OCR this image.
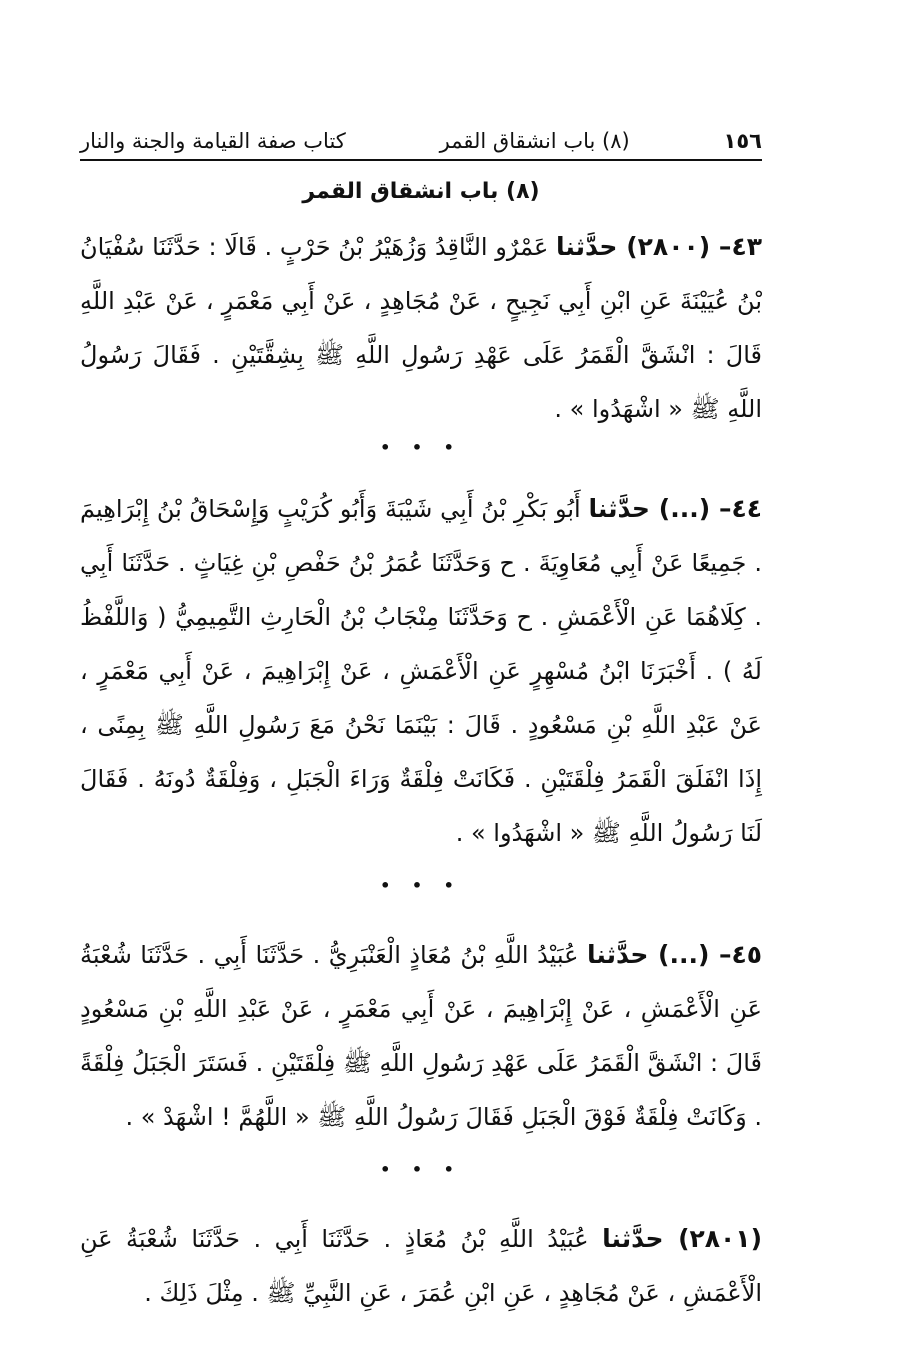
١٥٦
(٨) باب انشقاق القمر
كتاب صفة القيامة والجنة والنار
(٨) باب انشقاق القمر

٤٣– (٢٨٠٠) حدَّثنا عَمْرٌو النَّاقِدُ وَزُهَيْرُ بْنُ حَرْبٍ . قَالَا : حَدَّثَنَا سُفْيَانُ بْنُ عُيَيْنَةَ عَنِ ابْنِ أَبِي نَجِيحٍ ، عَنْ مُجَاهِدٍ ، عَنْ أَبِي مَعْمَرٍ ، عَنْ عَبْدِ اللَّهِ قَالَ : انْشَقَّ الْقَمَرُ عَلَى عَهْدِ رَسُولِ اللَّهِ ﷺ بِشِقَّتَيْنِ . فَقَالَ رَسُولُ اللَّهِ ﷺ « اشْهَدُوا » .

• • •

٤٤– (...) حدَّثنا أَبُو بَكْرِ بْنُ أَبِي شَيْبَةَ وَأَبُو كُرَيْبٍ وَإِسْحَاقُ بْنُ إِبْرَاهِيمَ . جَمِيعًا عَنْ أَبِي مُعَاوِيَةَ . ح وَحَدَّثَنَا عُمَرُ بْنُ حَفْصِ بْنِ غِيَاثٍ . حَدَّثَنَا أَبِي . كِلَاهُمَا عَنِ الْأَعْمَشِ . ح وَحَدَّثَنَا مِنْجَابُ بْنُ الْحَارِثِ التَّمِيمِيُّ ( وَاللَّفْظُ لَهُ ) . أَخْبَرَنَا ابْنُ مُسْهِرٍ عَنِ الْأَعْمَشِ ، عَنْ إِبْرَاهِيمَ ، عَنْ أَبِي مَعْمَرٍ ، عَنْ عَبْدِ اللَّهِ بْنِ مَسْعُودٍ . قَالَ : بَيْنَمَا نَحْنُ مَعَ رَسُولِ اللَّهِ ﷺ بِمِنًى ، إِذَا انْفَلَقَ الْقَمَرُ فِلْقَتَيْنِ . فَكَانَتْ فِلْقَةٌ وَرَاءَ الْجَبَلِ ، وَفِلْقَةٌ دُونَهُ . فَقَالَ لَنَا رَسُولُ اللَّهِ ﷺ « اشْهَدُوا » .

• • •

٤٥– (...) حدَّثنا عُبَيْدُ اللَّهِ بْنُ مُعَاذٍ الْعَنْبَرِيُّ . حَدَّثَنَا أَبِي . حَدَّثَنَا شُعْبَةُ عَنِ الْأَعْمَشِ ، عَنْ إِبْرَاهِيمَ ، عَنْ أَبِي مَعْمَرٍ ، عَنْ عَبْدِ اللَّهِ بْنِ مَسْعُودٍ قَالَ : انْشَقَّ الْقَمَرُ عَلَى عَهْدِ رَسُولِ اللَّهِ ﷺ فِلْقَتَيْنِ . فَسَتَرَ الْجَبَلُ فِلْقَةً . وَكَانَتْ فِلْقَةٌ فَوْقَ الْجَبَلِ فَقَالَ رَسُولُ اللَّهِ ﷺ « اللَّهُمَّ ! اشْهَدْ » .

• • •

(٢٨٠١) حدَّثنا عُبَيْدُ اللَّهِ بْنُ مُعَاذٍ . حَدَّثَنَا أَبِي . حَدَّثَنَا شُعْبَةُ عَنِ الْأَعْمَشِ ، عَنْ مُجَاهِدٍ ، عَنِ ابْنِ عُمَرَ ، عَنِ النَّبِيِّ ﷺ . مِثْلَ ذَلِكَ .
